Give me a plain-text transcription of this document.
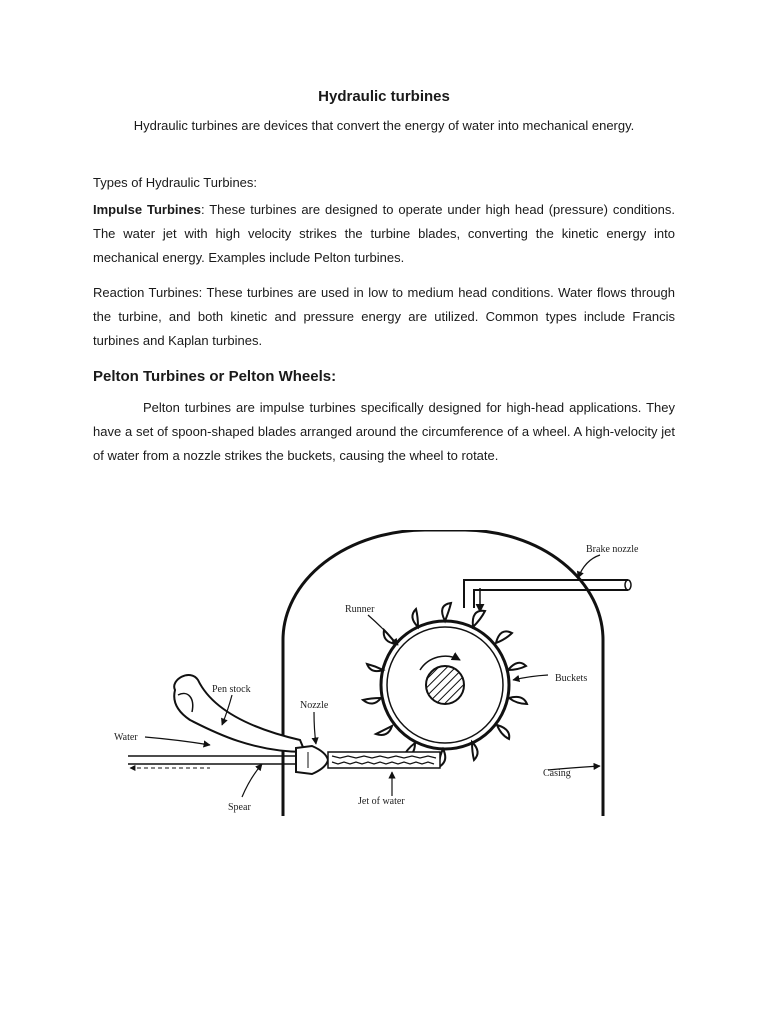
Hydraulic turbines

Hydraulic turbines are devices that convert the energy of water into mechanical energy.

Types of Hydraulic Turbines:

Impulse Turbines: These turbines are designed to operate under high head (pressure) conditions. The water jet with high velocity strikes the turbine blades, converting the kinetic energy into mechanical energy. Examples include Pelton turbines.

Reaction Turbines: These turbines are used in low to medium head conditions. Water flows through the turbine, and both kinetic and pressure energy are utilized. Common types include Francis turbines and Kaplan turbines.

Pelton Turbines or Pelton Wheels:

Pelton turbines are impulse turbines specifically designed for high-head applications. They have a set of spoon-shaped blades arranged around the circumference of a wheel. A high-velocity jet of water from a nozzle strikes the buckets, causing the wheel to rotate.

Brake nozzle
Runner
Buckets
Pen stock
Nozzle
Water
Casing
Spear
Jet of water
